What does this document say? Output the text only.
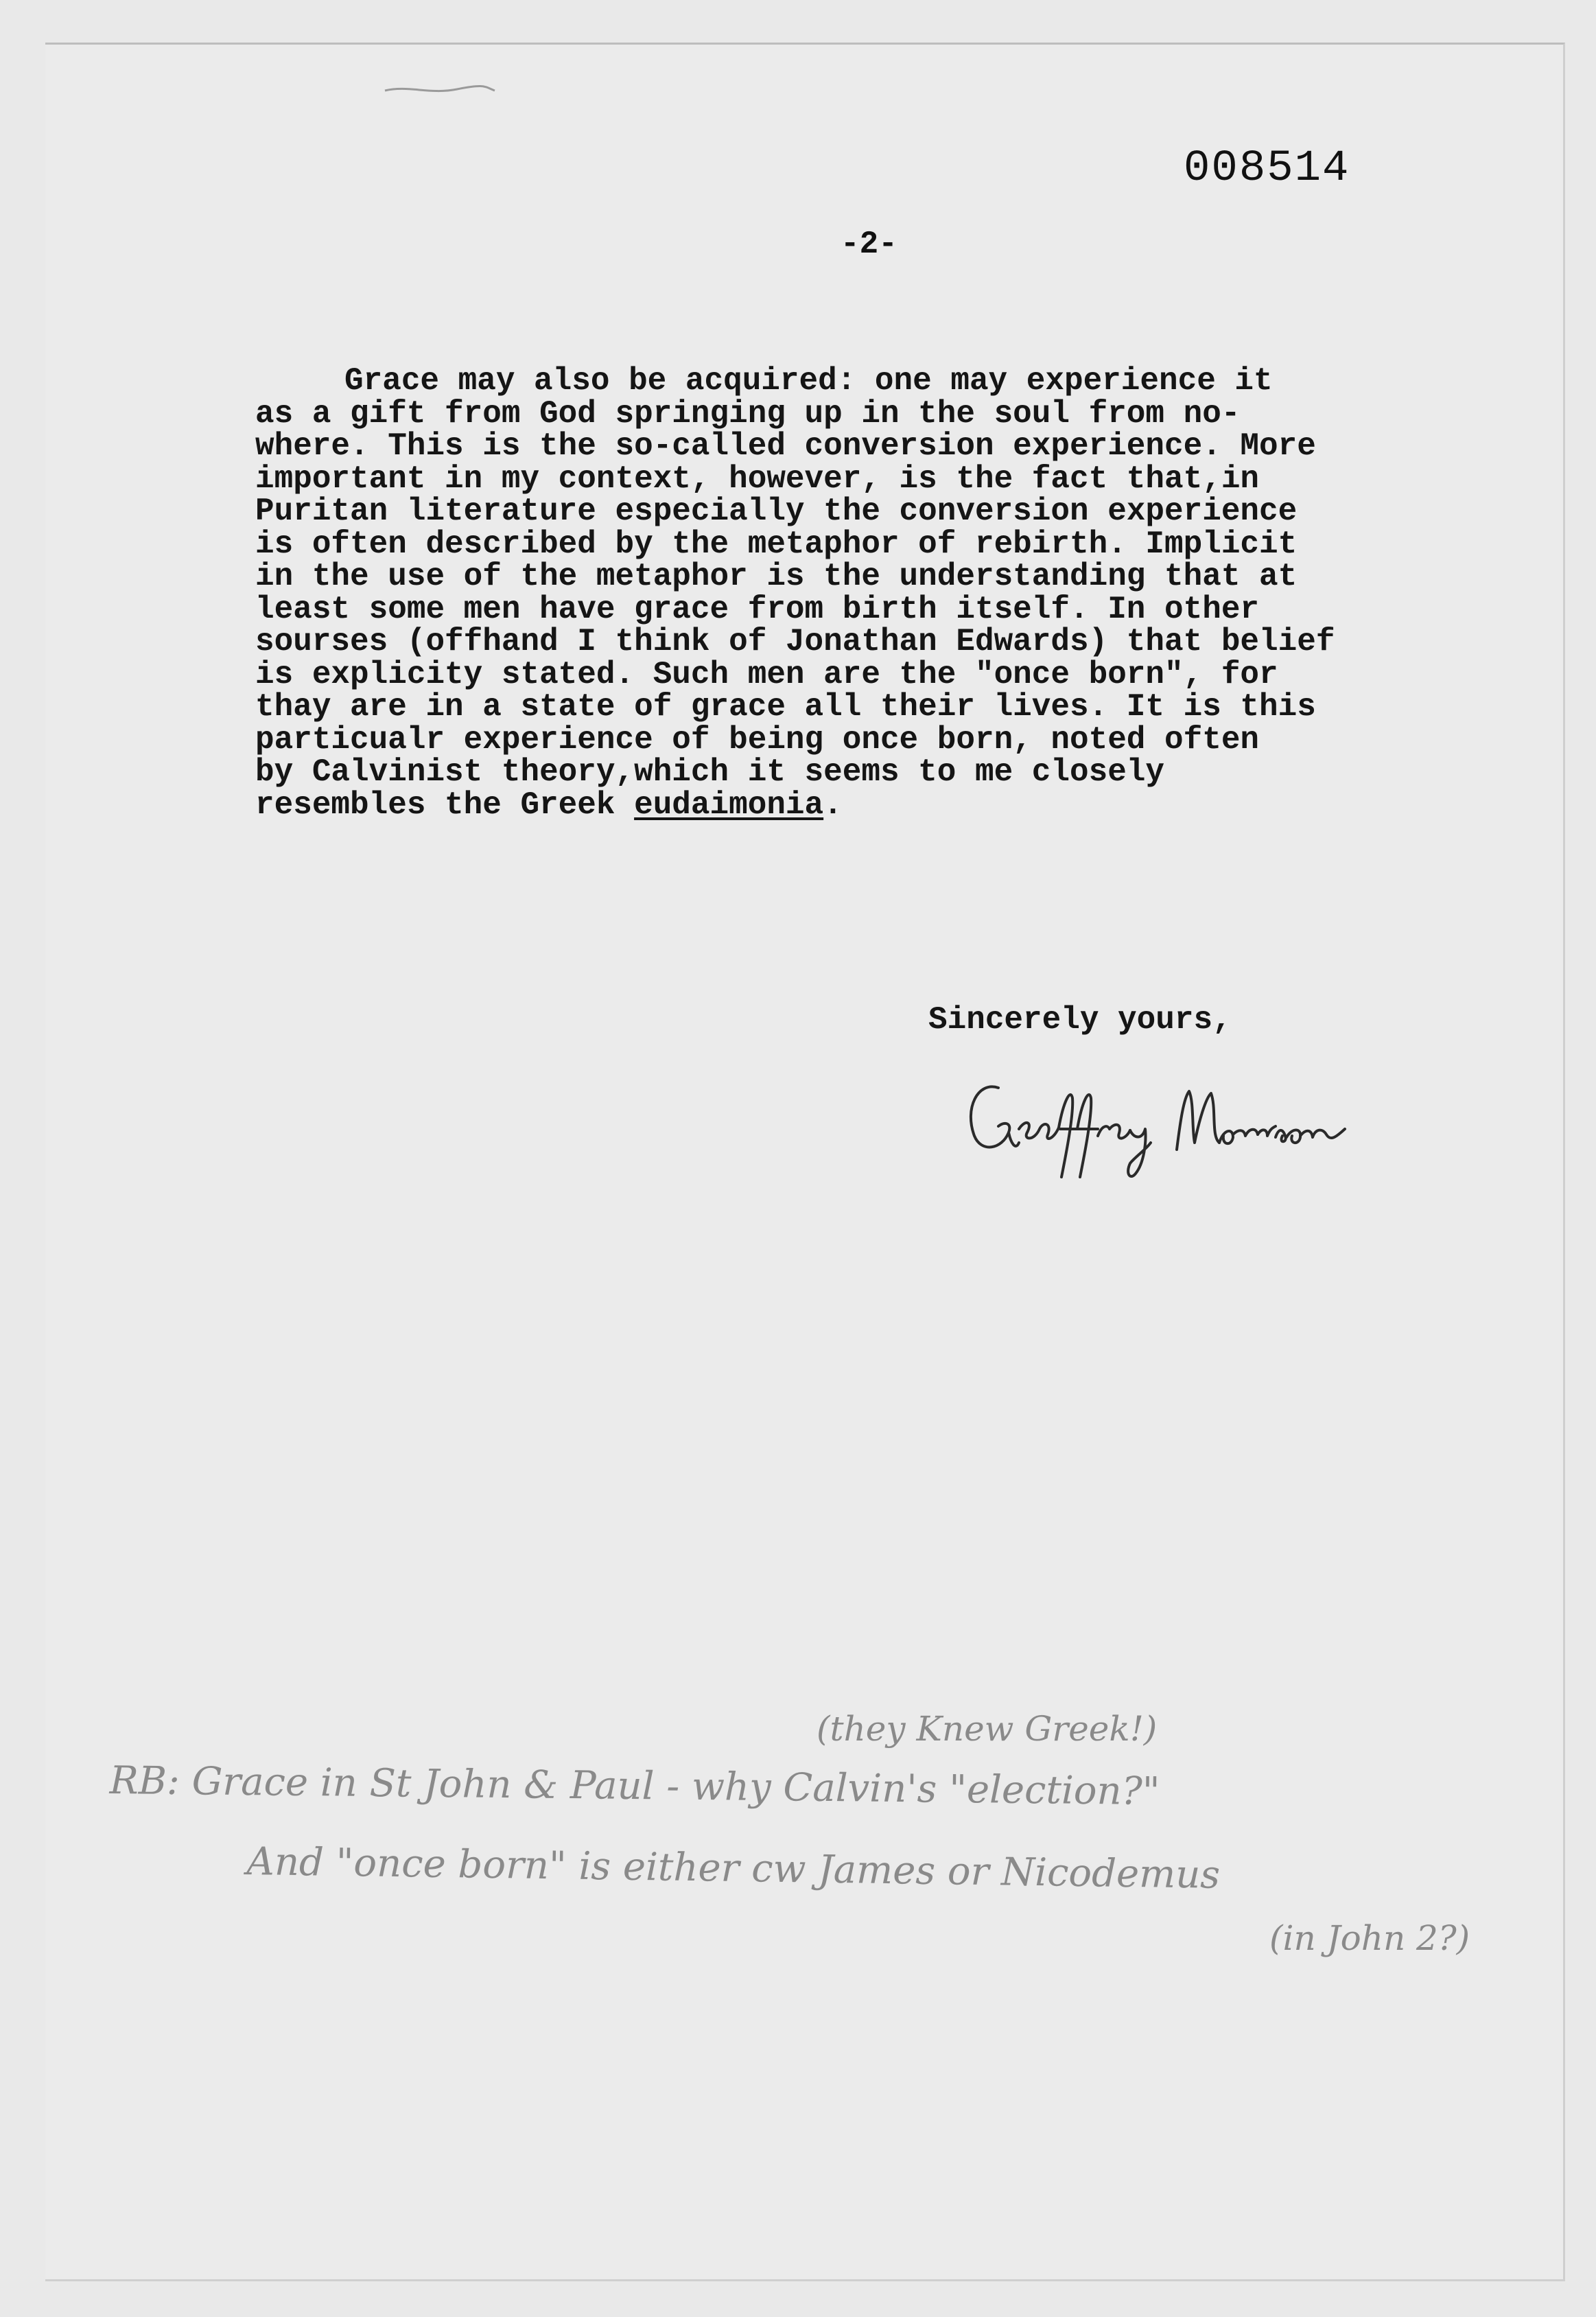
008514
-2-
Grace may also be acquired: one may experience it
as a gift from God springing up in the soul from no-
where. This is the so-called conversion experience. More
important in my context, however, is the fact that,in
Puritan literature especially the conversion experience
is often described by the metaphor of rebirth. Implicit
in the use of the metaphor is the understanding that at
least some men have grace from birth itself. In other
sourses (offhand I think of Jonathan Edwards) that belief
is explicity stated. Such men are the "once born", for
thay are in a state of grace all their lives. It is this
particualr experience of being once born, noted often
by Calvinist theory,which it seems to me closely
resembles the Greek eudaimonia.
Sincerely yours,
(they Knew Greek!)
RB: Grace in St John & Paul - why Calvin's "election?"
And "once born" is either cw James or Nicodemus
(in John 2?)
